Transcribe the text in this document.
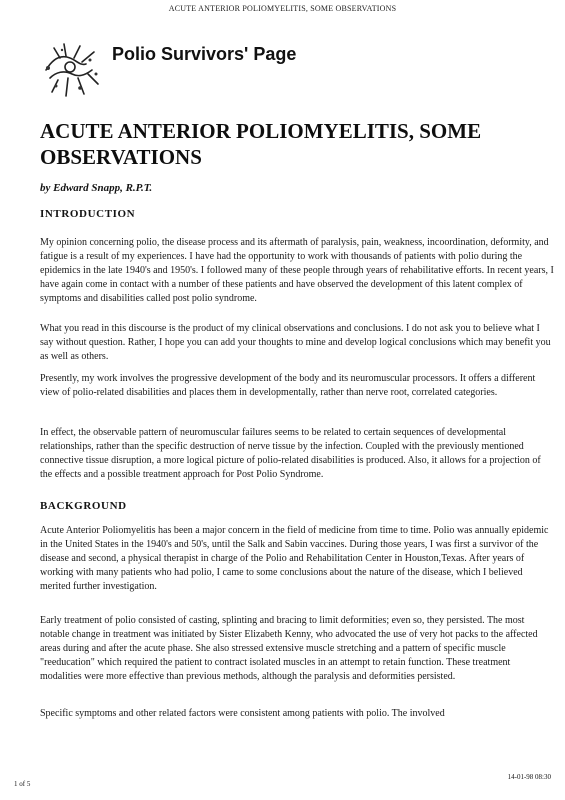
ACUTE ANTERIOR POLIOMYELITIS, SOME OBSERVATIONS
Polio Survivors' Page
ACUTE ANTERIOR POLIOMYELITIS, SOME OBSERVATIONS
by Edward Snapp, R.P.T.
INTRODUCTION
My opinion concerning polio, the disease process and its aftermath of paralysis, pain, weakness, incoordination, deformity, and fatigue is a result of my experiences. I have had the opportunity to work with thousands of patients with polio during the epidemics in the late 1940's and 1950's. I followed many of these people through years of rehabilitative efforts. In recent years, I have again come in contact with a number of these patients and have observed the development of this latent complex of symptoms and disabilities called post polio syndrome.
What you read in this discourse is the product of my clinical observations and conclusions. I do not ask you to believe what I say without question. Rather, I hope you can add your thoughts to mine and develop logical conclusions which may benefit you as well as others.
Presently, my work involves the progressive development of the body and its neuromuscular processors. It offers a different view of polio-related disabilities and places them in developmentally, rather than nerve root, correlated categories.
In effect, the observable pattern of neuromuscular failures seems to be related to certain sequences of developmental relationships, rather than the specific destruction of nerve tissue by the infection. Coupled with the previously mentioned connective tissue disruption, a more logical picture of polio-related disabilities is produced. Also, it allows for a projection of the effects and a possible treatment approach for Post Polio Syndrome.
BACKGROUND
Acute Anterior Poliomyelitis has been a major concern in the field of medicine from time to time. Polio was annually epidemic in the United States in the 1940's and 50's, until the Salk and Sabin vaccines. During those years, I was first a survivor of the disease and second, a physical therapist in charge of the Polio and Rehabilitation Center in Houston,Texas. After years of working with many patients who had polio, I came to some conclusions about the nature of the disease, which I believed merited further investigation.
Early treatment of polio consisted of casting, splinting and bracing to limit deformities; even so, they persisted. The most notable change in treatment was initiated by Sister Elizabeth Kenny, who advocated the use of very hot packs to the affected areas during and after the acute phase. She also stressed extensive muscle stretching and a pattern of specific muscle "reeducation" which required the patient to contract isolated muscles in an attempt to retain function. These treatment modalities were more effective than previous methods, although the paralysis and deformities persisted.
Specific symptoms and other related factors were consistent among patients with polio. The involved
1 of 5
14-01-98 08:30
